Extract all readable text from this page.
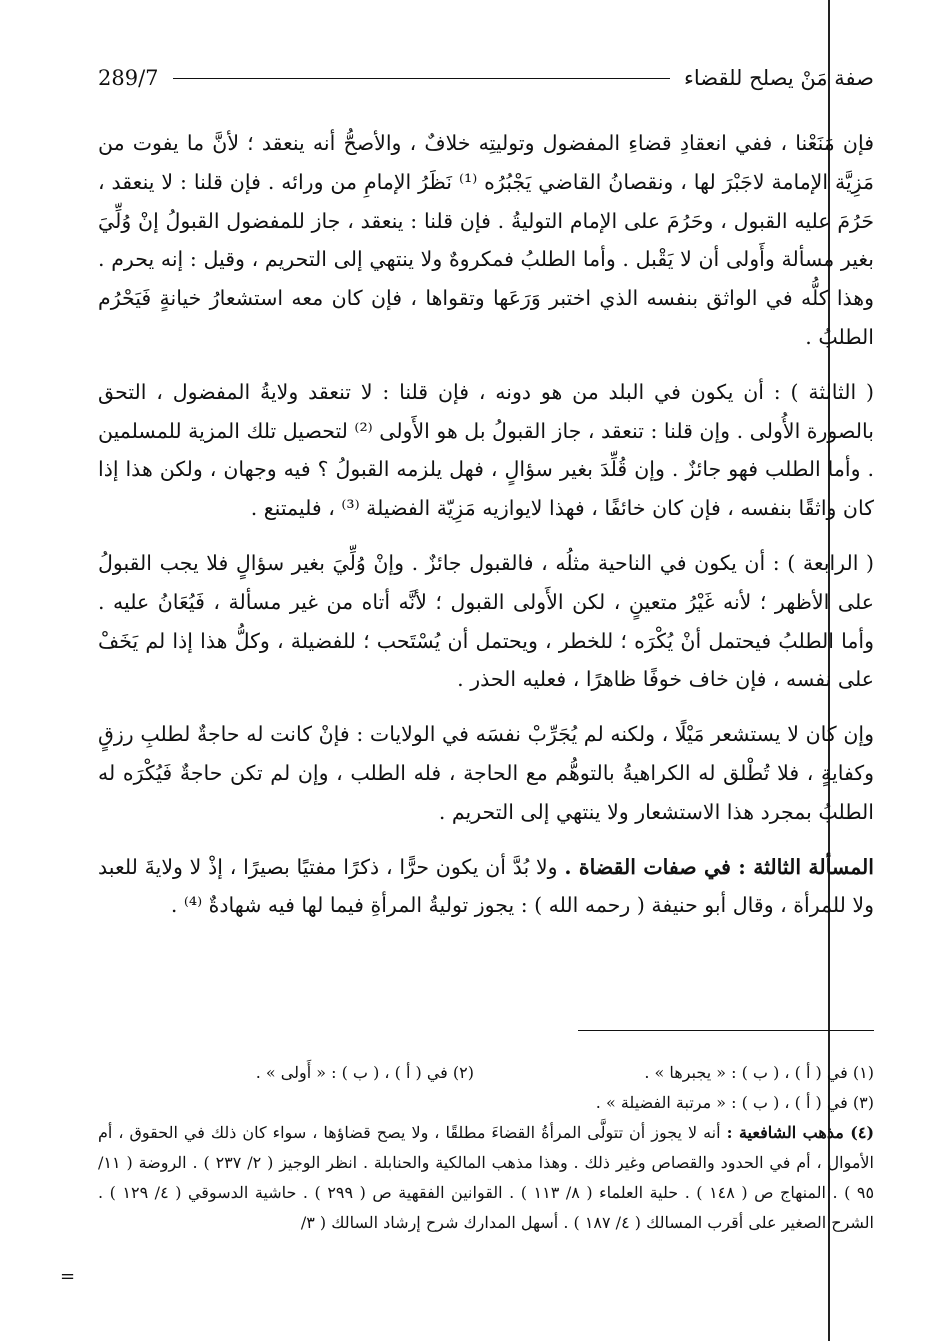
صفة مَنْ يصلح للقضاء
289/7

فإن مَنَعْنا ، ففي انعقادِ قضاءِ المفضول وتوليتِه خلافٌ ، والأصحُّ أنه ينعقد ؛ لأنَّ ما يفوت من مَزِيَّة الإمامة لاجَبْرَ لها ، ونقصانُ القاضي يَجْبُرُه ⁽¹⁾ نَظَرُ الإمامِ من ورائه . فإن قلنا : لا ينعقد ، حَرُمَ عليه القبول ، وحَرُمَ على الإمام التوليةُ . فإن قلنا : ينعقد ، جاز للمفضول القبولُ إنْ وُلِّيَ بغير مسألة وأَولى أن لا يَقْبل . وأما الطلبُ فمكروهٌ ولا ينتهي إلى التحريم ، وقيل : إنه يحرم . وهذا كلُّه في الواثق بنفسه الذي اختبر وَرَعَها وتقواها ، فإن كان معه استشعارُ خيانةٍ فَيَحْرُم الطلبُ .

( الثالثة ) : أن يكون في البلد من هو دونه ، فإن قلنا : لا تنعقد ولايةُ المفضول ، التحق بالصورة الأُولى . وإن قلنا : تنعقد ، جاز القبولُ بل هو الأَولى ⁽²⁾ لتحصيل تلك المزية للمسلمين . وأما الطلب فهو جائزٌ . وإن قُلِّدَ بغير سؤالٍ ، فهل يلزمه القبولُ ؟ فيه وجهان ، ولكن هذا إذا كان واثقًا بنفسه ، فإن كان خائفًا ، فهذا لايوازيه مَزِيّة الفضيلة ⁽³⁾ ، فليمتنع .

( الرابعة ) : أن يكون في الناحية مثلُه ، فالقبول جائزٌ . وإنْ وُلِّيَ بغير سؤالٍ فلا يجب القبولُ على الأظهر ؛ لأنه غَيْرُ متعينٍ ، لكن الأَولى القبول ؛ لأنَّه أتاه من غير مسألة ، فَيُعَانُ عليه . وأما الطلبُ فيحتمل أنْ يُكْرَه ؛ للخطر ، ويحتمل أن يُسْتَحب ؛ للفضيلة ، وكلُّ هذا إذا لم يَخَفْ على نفسه ، فإن خاف خوفًا ظاهرًا ، فعليه الحذر .

وإن كان لا يستشعر مَيْلًا ، ولكنه لم يُجَرِّبْ نفسَه في الولايات : فإنْ كانت له حاجةٌ لطلبِ رزقٍ وكفايةٍ ، فلا تُطْلق له الكراهيةُ بالتوهُّم مع الحاجة ، فله الطلب ، وإن لم تكن حاجةٌ فَيُكْرَه له الطلبُ بمجرد هذا الاستشعار ولا ينتهي إلى التحريم .

المسألة الثالثة : في صفات القضاة . ولا بُدَّ أن يكون حرًّا ، ذكرًا مفتيًا بصيرًا ، إذْ لا ولايةَ للعبد ولا للمرأة ، وقال أبو حنيفة ( رحمه الله ) : يجوز توليةُ المرأةِ فيما لها فيه شهادةٌ ⁽⁴⁾ .

(١) في ( أ ) ، ( ب ) : « يجبرها » .
(٢) في ( أ ) ، ( ب ) : « أَولى » .

(٣) في ( أ ) ، ( ب ) : « مرتبة الفضيلة » .

(٤) مذهب الشافعية : أنه لا يجوز أن تتولَّى المرأةُ القضاءَ مطلقًا ، ولا يصح قضاؤها ، سواء كان ذلك في الحقوق ، أم الأموال ، أم في الحدود والقصاص وغير ذلك . وهذا مذهب المالكية والحنابلة . انظر الوجيز ( ٢/ ٢٣٧ ) . الروضة ( ١١/ ٩٥ ) . المنهاج ص ( ١٤٨ ) . حلية العلماء ( ٨/ ١١٣ ) . القوانين الفقهية ص ( ٢٩٩ ) . حاشية الدسوقي ( ٤/ ١٢٩ ) . الشرح الصغير على أقرب المسالك ( ٤/ ١٨٧ ) . أسهل المدارك شرح إرشاد السالك ( ٣/

=
